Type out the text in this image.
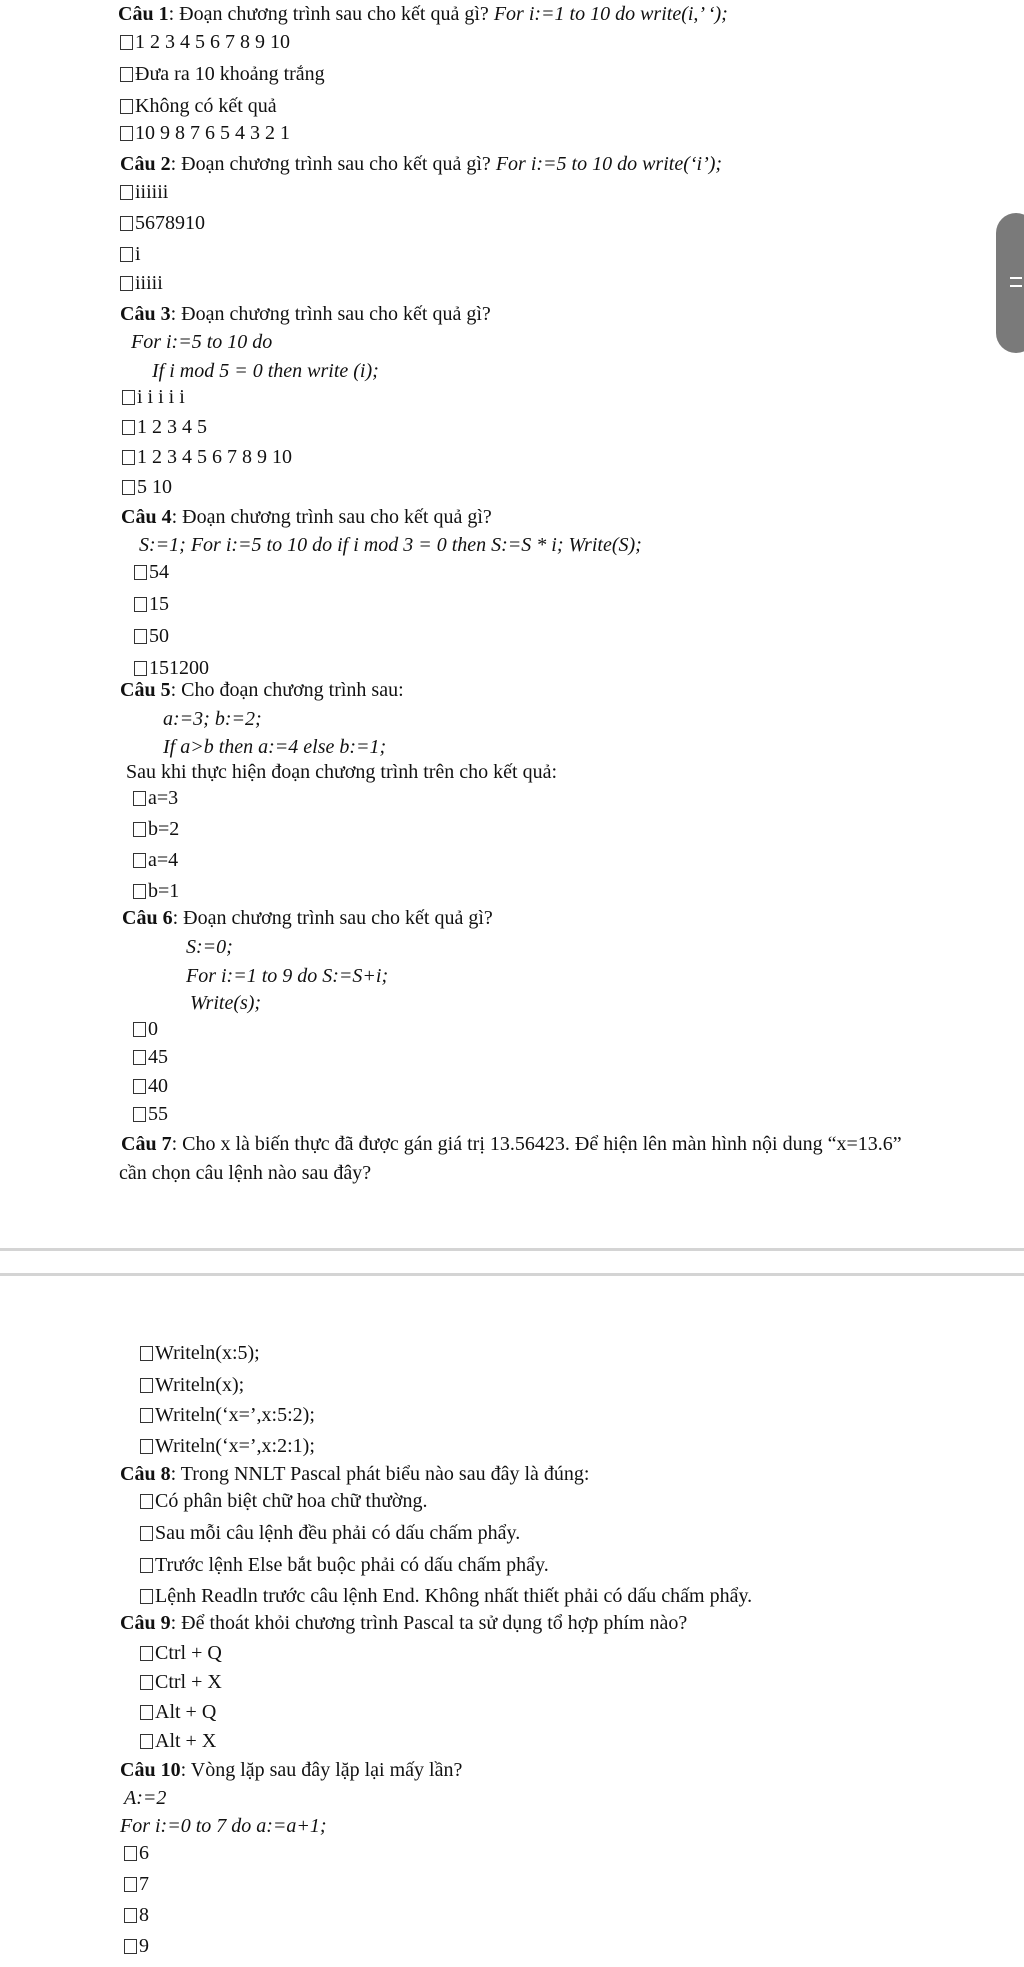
Câu 1: Đoạn chương trình sau cho kết quả gì? For i:=1 to 10 do write(i,’ ‘);
1 2 3 4 5 6 7 8 9 10
Đưa ra 10 khoảng trắng
Không có kết quả
10 9 8 7 6 5 4 3 2 1
Câu 2: Đoạn chương trình sau cho kết quả gì? For i:=5 to 10 do write(‘i’);
iiiiii
5678910
i
iiiii
Câu 3: Đoạn chương trình sau cho kết quả gì?
For i:=5 to 10 do
If i mod 5 = 0 then write (i);
i i i i i
1 2 3 4 5
1 2 3 4 5 6 7 8 9 10
5 10
Câu 4: Đoạn chương trình sau cho kết quả gì?
S:=1; For i:=5 to 10 do if i mod 3 = 0 then S:=S * i; Write(S);
54
15
50
151200
Câu 5: Cho đoạn chương trình sau:
a:=3; b:=2;
If a>b then a:=4 else b:=1;
Sau khi thực hiện đoạn chương trình trên cho kết quả:
a=3
b=2
a=4
b=1
Câu 6: Đoạn chương trình sau cho kết quả gì?
S:=0;
For i:=1 to 9 do S:=S+i;
Write(s);
0
45
40
55
Câu 7: Cho x là biến thực đã được gán giá trị 13.56423. Để hiện lên màn hình nội dung “x=13.6”
cần chọn câu lệnh nào sau đây?
Writeln(x:5);
Writeln(x);
Writeln(‘x=’,x:5:2);
Writeln(‘x=’,x:2:1);
Câu 8: Trong NNLT Pascal phát biểu nào sau đây là đúng:
Có phân biệt chữ hoa chữ thường.
Sau mỗi câu lệnh đều phải có dấu chấm phẩy.
Trước lệnh Else bắt buộc phải có dấu chấm phẩy.
Lệnh Readln trước câu lệnh End. Không nhất thiết phải có dấu chấm phẩy.
Câu 9: Để thoát khỏi chương trình Pascal ta sử dụng tổ hợp phím nào?
Ctrl + Q
Ctrl + X
Alt + Q
Alt + X
Câu 10: Vòng lặp sau đây lặp lại mấy lần?
A:=2
For i:=0 to 7 do a:=a+1;
6
7
8
9
